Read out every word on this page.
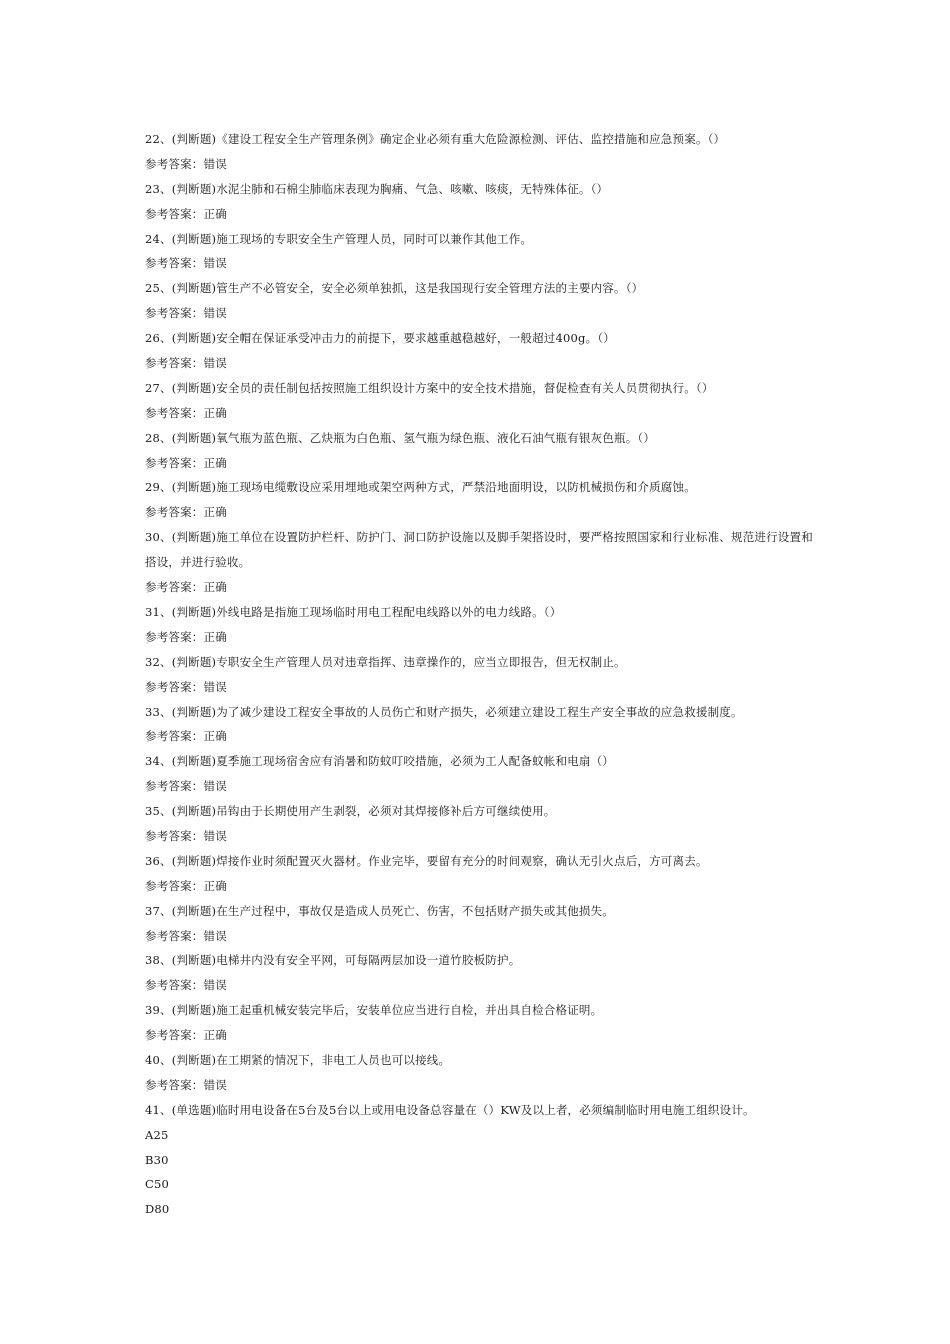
22、(判断题)《建设工程安全生产管理条例》确定企业必须有重大危险源检测、评估、监控措施和应急预案。（）
参考答案：错误
23、(判断题)水泥尘肺和石棉尘肺临床表现为胸痛、气急、咳嗽、咳痰，无特殊体征。（）
参考答案：正确
24、(判断题)施工现场的专职安全生产管理人员，同时可以兼作其他工作。
参考答案：错误
25、(判断题)管生产不必管安全，安全必须单独抓，这是我国现行安全管理方法的主要内容。（）
参考答案：错误
26、(判断题)安全帽在保证承受冲击力的前提下，要求越重越稳越好，一般超过400g。（）
参考答案：错误
27、(判断题)安全员的责任制包括按照施工组织设计方案中的安全技术措施，督促检查有关人员贯彻执行。（）
参考答案：正确
28、(判断题)氧气瓶为蓝色瓶、乙炔瓶为白色瓶、氢气瓶为绿色瓶、液化石油气瓶有银灰色瓶。（）
参考答案：正确
29、(判断题)施工现场电缆敷设应采用埋地或架空两种方式，严禁沿地面明设，以防机械损伤和介质腐蚀。
参考答案：正确
30、(判断题)施工单位在设置防护栏杆、防护门、洞口防护设施以及脚手架搭设时，要严格按照国家和行业标准、规范进行设置和搭设，并进行验收。
参考答案：正确
31、(判断题)外线电路是指施工现场临时用电工程配电线路以外的电力线路。（）
参考答案：正确
32、(判断题)专职安全生产管理人员对违章指挥、违章操作的，应当立即报告，但无权制止。
参考答案：错误
33、(判断题)为了减少建设工程安全事故的人员伤亡和财产损失，必须建立建设工程生产安全事故的应急救援制度。
参考答案：正确
34、(判断题)夏季施工现场宿舍应有消暑和防蚊叮咬措施，必须为工人配备蚊帐和电扇（）
参考答案：错误
35、(判断题)吊钩由于长期使用产生剥裂，必须对其焊接修补后方可继续使用。
参考答案：错误
36、(判断题)焊接作业时须配置灭火器材。作业完毕，要留有充分的时间观察，确认无引火点后，方可离去。
参考答案：正确
37、(判断题)在生产过程中，事故仅是造成人员死亡、伤害，不包括财产损失或其他损失。
参考答案：错误
38、(判断题)电梯井内没有安全平网，可每隔两层加设一道竹胶板防护。
参考答案：错误
39、(判断题)施工起重机械安装完毕后，安装单位应当进行自检，并出具自检合格证明。
参考答案：正确
40、(判断题)在工期紧的情况下，非电工人员也可以接线。
参考答案：错误
41、(单选题)临时用电设备在5台及5台以上或用电设备总容量在（）KW及以上者，必须编制临时用电施工组织设计。
A25
B30
C50
D80
